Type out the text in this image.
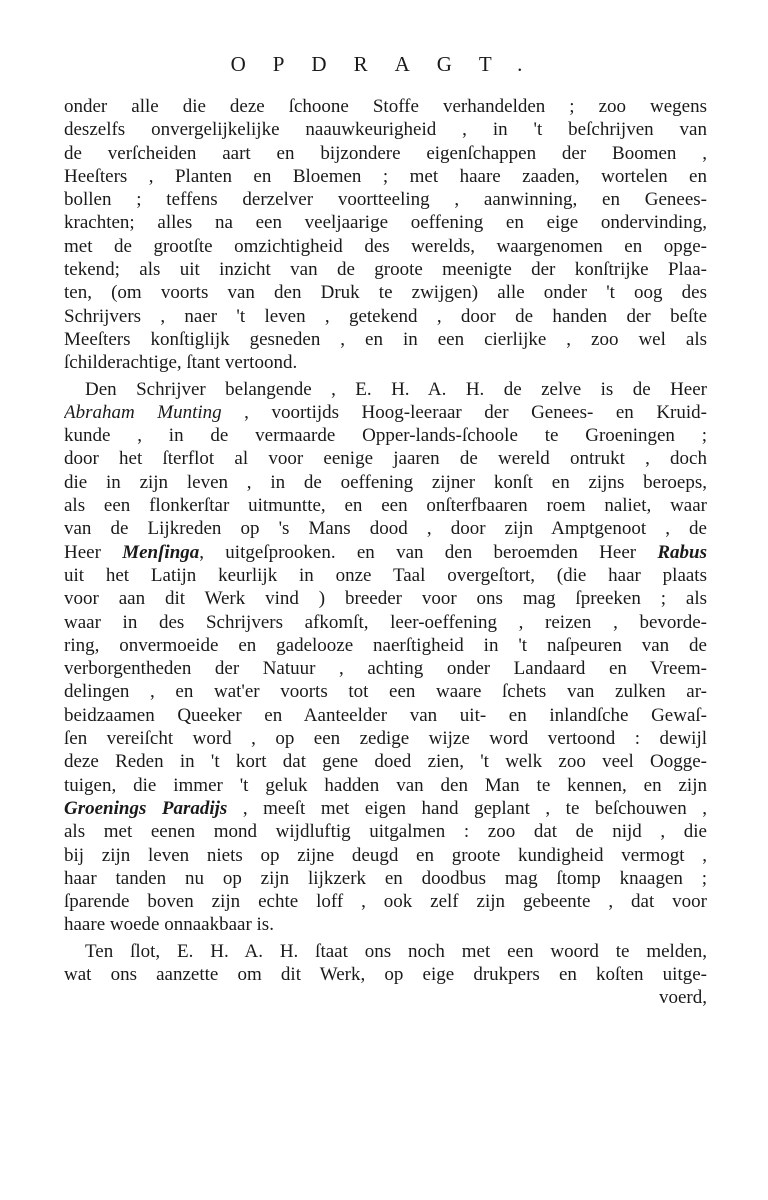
OPDRAGT.
onder alle die deze ſchoone Stoffe verhandelden ; zoo wegens
deszelfs onvergelijkelijke naauwkeurigheid , in 't beſchrijven van
de verſcheiden aart en bijzondere eigenſchappen der Boomen ,
Heeſters , Planten en Bloemen ; met haare zaaden, wortelen en
bollen ; teffens derzelver voortteeling , aanwinning, en Genees-
krachten; alles na een veeljaarige oeffening en eige ondervinding,
met de grootſte omzichtigheid des werelds, waargenomen en opge-
tekend; als uit inzicht van de groote meenigte der konſtrijke Plaa-
ten, (om voorts van den Druk te zwijgen) alle onder 't oog des
Schrijvers , naer 't leven , getekend , door de handen der beſte
Meeſters konſtiglijk gesneden , en in een cierlijke , zoo wel als
ſchilderachtige, ſtant vertoond.
Den Schrijver belangende , E. H. A. H. de zelve is de Heer
Abraham Munting , voortijds Hoog-leeraar der Genees- en Kruid-
kunde , in de vermaarde Opper-lands-ſchoole te Groeningen ;
door het ſterflot al voor eenige jaaren de wereld ontrukt , doch
die in zijn leven , in de oeffening zijner konſt en zijns beroeps,
als een flonkerſtar uitmuntte, en een onſterfbaaren roem naliet, waar
van de Lijkreden op 's Mans dood , door zijn Amptgenoot , de
Heer Menſinga, uitgeſprooken. en van den beroemden Heer Rabus
uit het Latijn keurlijk in onze Taal overgeſtort, (die haar plaats
voor aan dit Werk vind ) breeder voor ons mag ſpreeken ; als
waar in des Schrijvers afkomſt, leer-oeffening , reizen , bevorde-
ring, onvermoeide en gadelooze naerſtigheid in 't naſpeuren van de
verborgentheden der Natuur , achting onder Landaard en Vreem-
delingen , en wat'er voorts tot een waare ſchets van zulken ar-
beidzaamen Queeker en Aanteelder van uit- en inlandſche Gewaſ-
ſen vereiſcht word , op een zedige wijze word vertoond : dewijl
deze Reden in 't kort dat gene doed zien, 't welk zoo veel Oogge-
tuigen, die immer 't geluk hadden van den Man te kennen, en zijn
Groenings Paradijs , meeſt met eigen hand geplant , te beſchouwen ,
als met eenen mond wijdluftig uitgalmen : zoo dat de nijd , die
bij zijn leven niets op zijne deugd en groote kundigheid vermogt ,
haar tanden nu op zijn lijkzerk en doodbus mag ſtomp knaagen ;
ſparende boven zijn echte loff , ook zelf zijn gebeente , dat voor
haare woede onnaakbaar is.
Ten ſlot, E. H. A. H. ſtaat ons noch met een woord te melden,
wat ons aanzette om dit Werk, op eige drukpers en koſten uitge-
voerd,
